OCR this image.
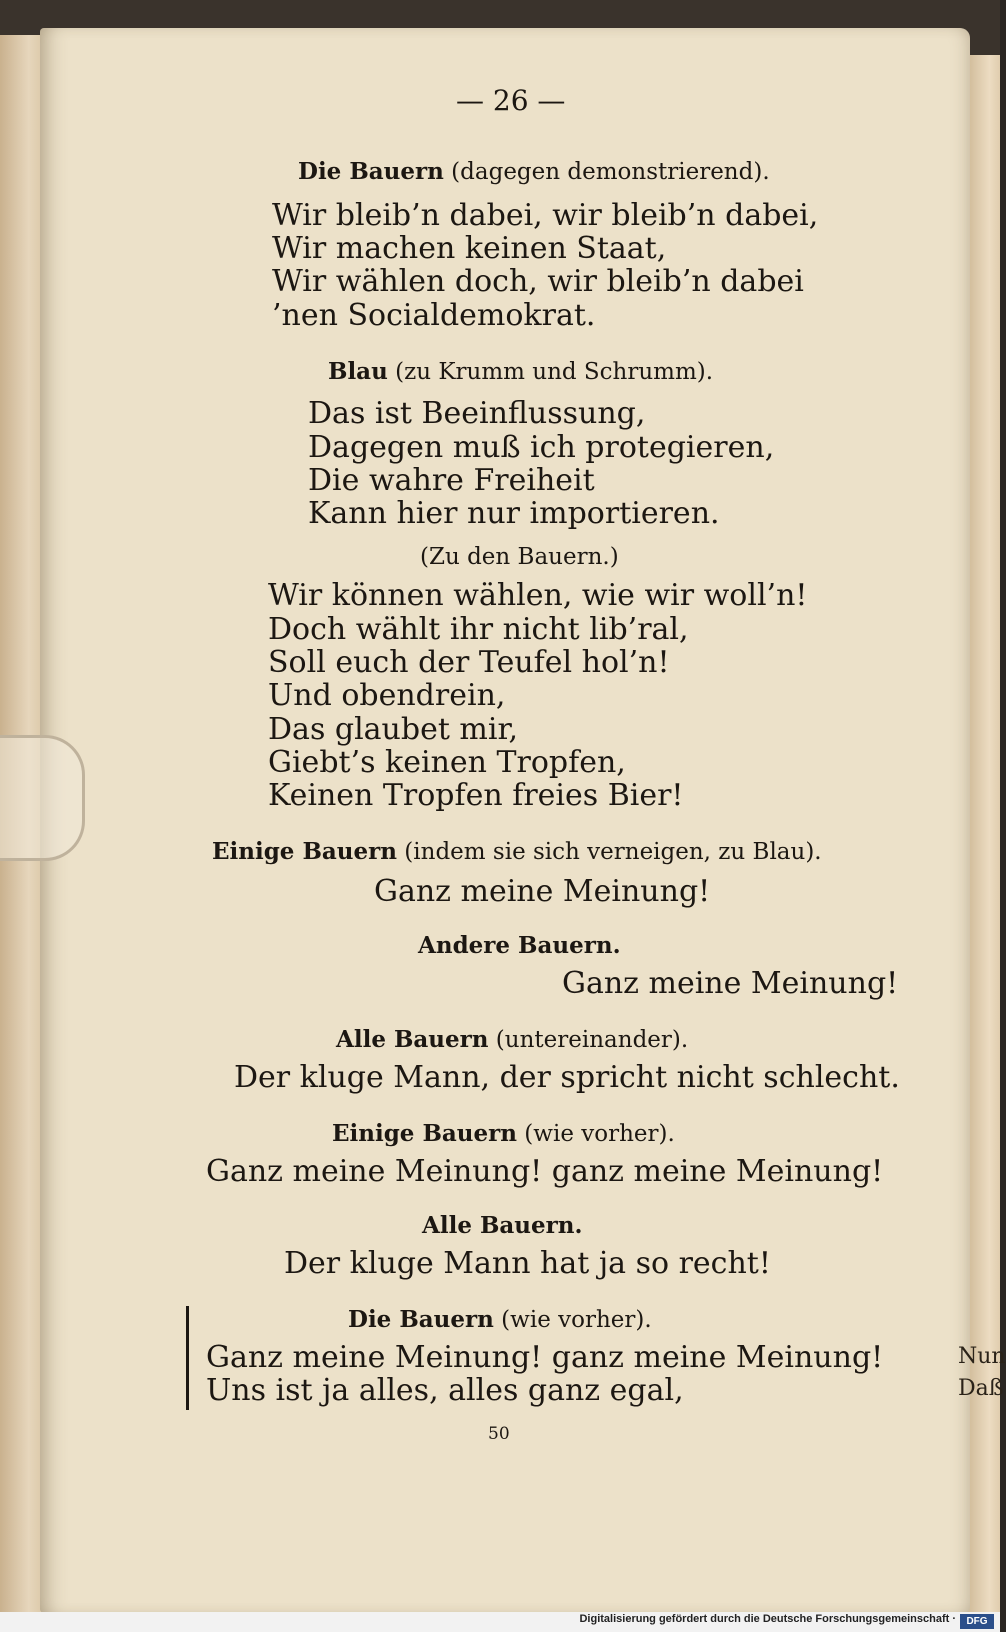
— 26 —
Die Bauern (dagegen demonstrierend).
Wir bleib’n dabei, wir bleib’n dabei,
Wir machen keinen Staat,
Wir wählen doch, wir bleib’n dabei
’nen Socialdemokrat.
Blau (zu Krumm und Schrumm).
Das ist Beeinflussung,
Dagegen muß ich protegieren,
Die wahre Freiheit
Kann hier nur importieren.
(Zu den Bauern.)
Wir können wählen, wie wir woll’n!
Doch wählt ihr nicht lib’ral,
Soll euch der Teufel hol’n!
Und obendrein,
Das glaubet mir,
Giebt’s keinen Tropfen,
Keinen Tropfen freies Bier!
Einige Bauern (indem sie sich verneigen, zu Blau).
Ganz meine Meinung!
Andere Bauern.
Ganz meine Meinung!
Alle Bauern (untereinander).
Der kluge Mann, der spricht nicht schlecht.
Einige Bauern (wie vorher).
Ganz meine Meinung! ganz meine Meinung!
Alle Bauern.
Der kluge Mann hat ja so recht!
Die Bauern (wie vorher).
Ganz meine Meinung! ganz meine Meinung!
Uns ist ja alles, alles ganz egal,
50
Nun
Daß
Digitalisierung gefördert durch die Deutsche Forschungsgemeinschaft ·	DFG
